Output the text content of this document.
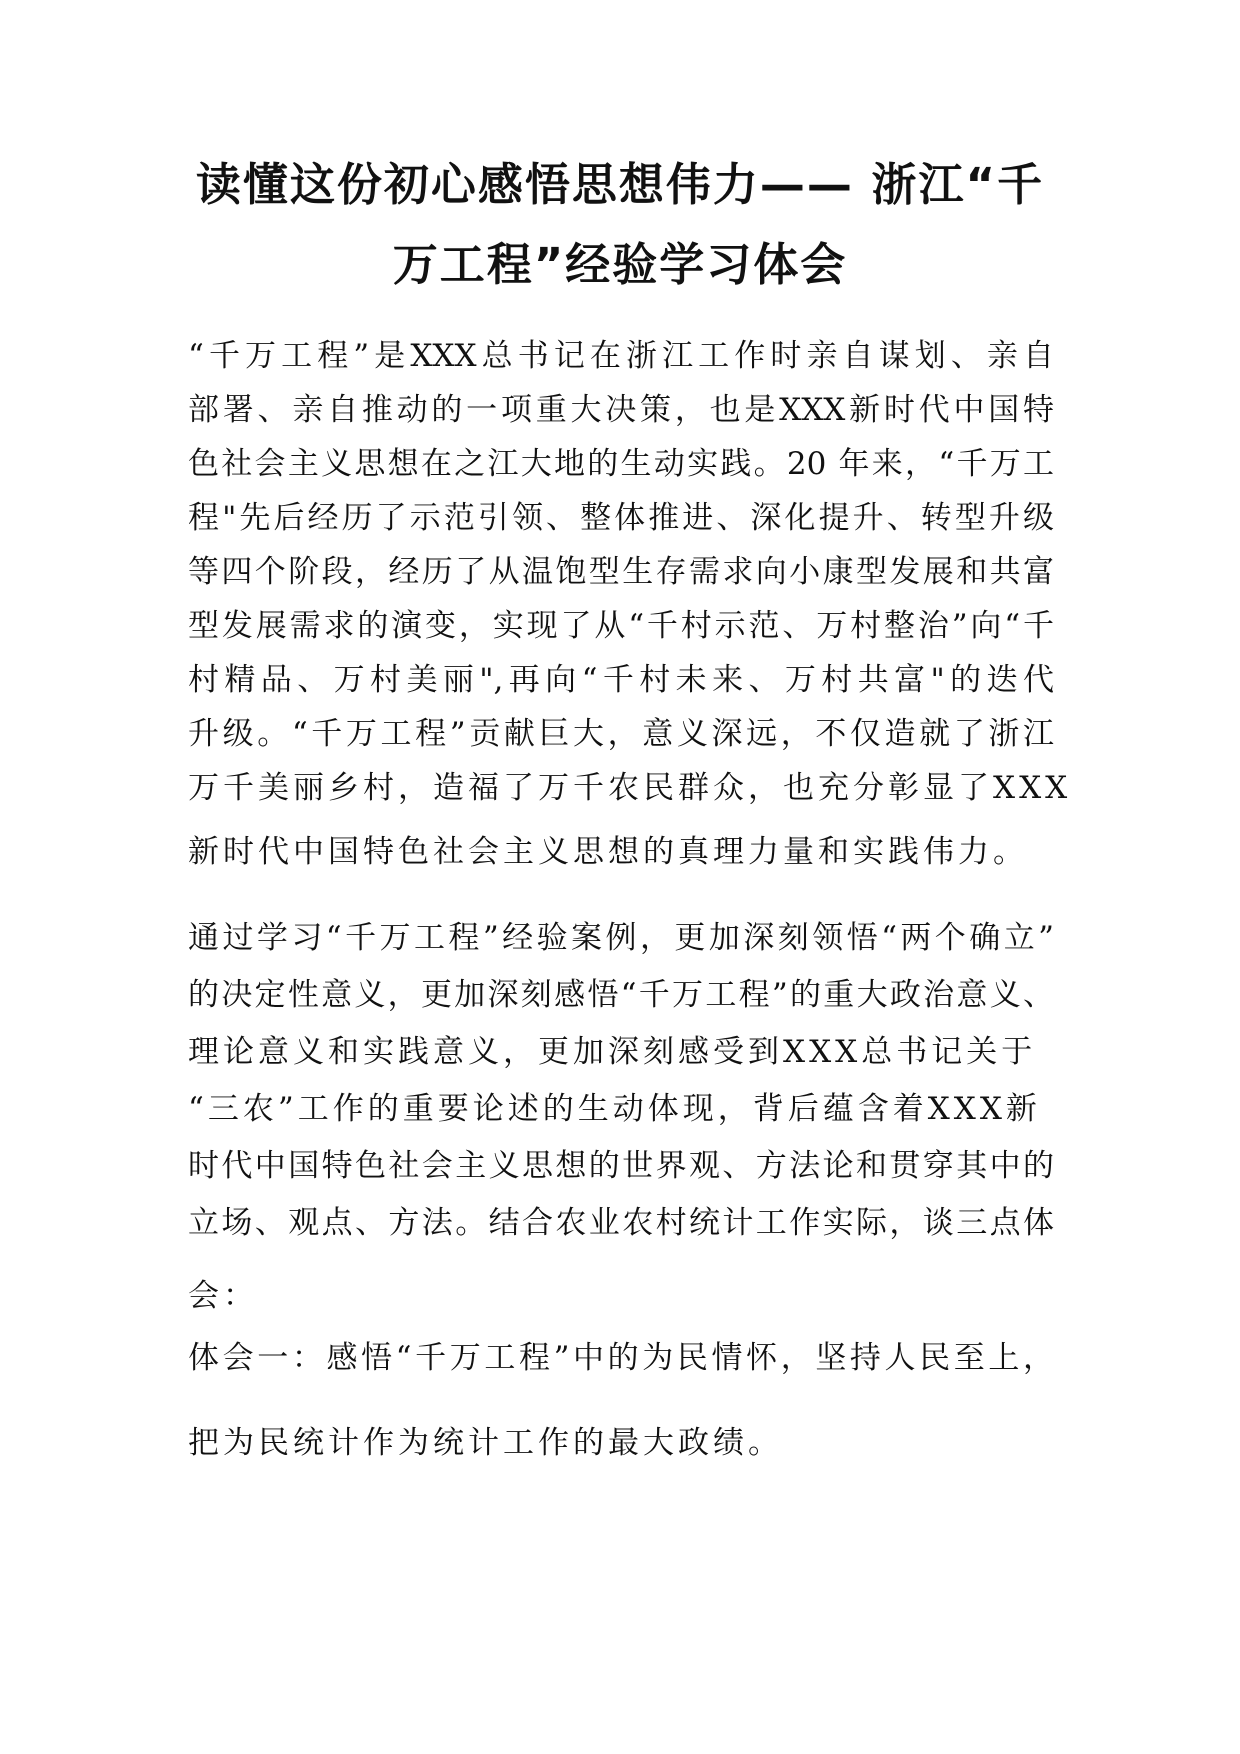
读懂这份初心感悟思想伟力—— 浙江“千
万工程”经验学习体会
“千万工程”是XXX总书记在浙江工作时亲自谋划、亲自
部署、亲自推动的一项重大决策，也是XXX新时代中国特
色社会主义思想在之江大地的生动实践。20 年来，“千万工
程"先后经历了示范引领、整体推进、深化提升、转型升级
等四个阶段，经历了从温饱型生存需求向小康型发展和共富
型发展需求的演变，实现了从“千村示范、万村整治”向“千
村精品、万村美丽",再向“千村未来、万村共富"的迭代
升级。“千万工程”贡献巨大，意义深远，不仅造就了浙江
万千美丽乡村，造福了万千农民群众，也充分彰显了XXX
新时代中国特色社会主义思想的真理力量和实践伟力。
通过学习“千万工程”经验案例，更加深刻领悟“两个确立”
的决定性意义，更加深刻感悟“千万工程”的重大政治意义、
理论意义和实践意义，更加深刻感受到XXX总书记关于
“三农”工作的重要论述的生动体现，背后蕴含着XXX新
时代中国特色社会主义思想的世界观、方法论和贯穿其中的
立场、观点、方法。结合农业农村统计工作实际，谈三点体
会：
体会一：感悟“千万工程”中的为民情怀，坚持人民至上，
把为民统计作为统计工作的最大政绩。
